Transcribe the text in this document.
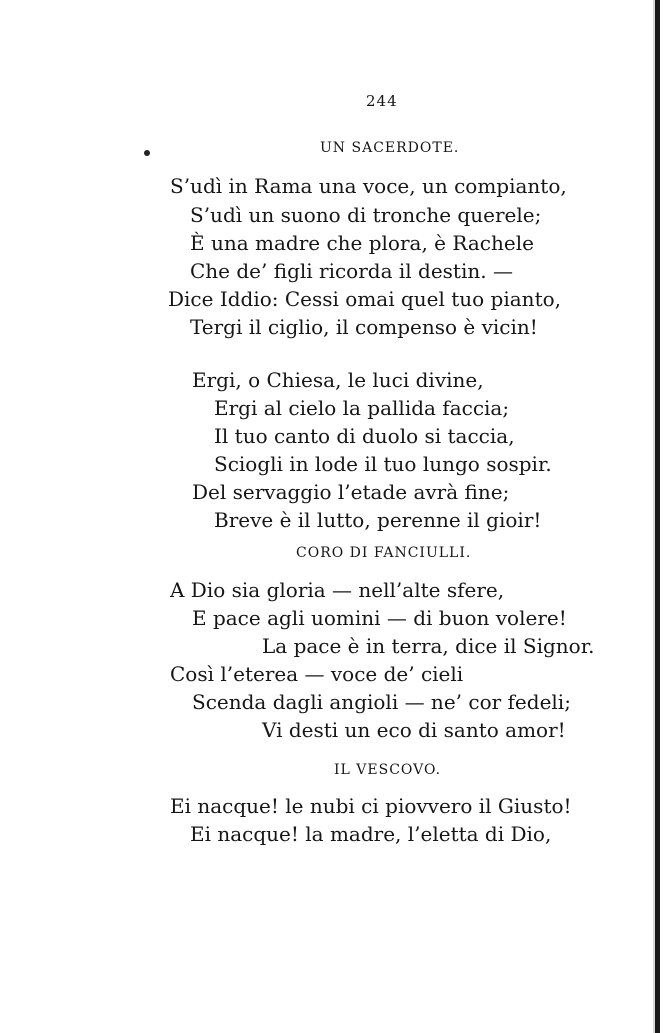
244
UN SACERDOTE.
S’udì in Rama una voce, un compianto,
S’udì un suono di tronche querele;
È una madre che plora, è Rachele
Che de’ figli ricorda il destin. —
Dice Iddio: Cessi omai quel tuo pianto,
Tergi il ciglio, il compenso è vicin!
Ergi, o Chiesa, le luci divine,
Ergi al cielo la pallida faccia;
Il tuo canto di duolo si taccia,
Sciogli in lode il tuo lungo sospir.
Del servaggio l’etade avrà fine;
Breve è il lutto, perenne il gioir!
CORO DI FANCIULLI.
A Dio sia gloria — nell’alte sfere,
E pace agli uomini — di buon volere!
La pace è in terra, dice il Signor.
Così l’eterea — voce de’ cieli
Scenda dagli angioli — ne’ cor fedeli;
Vi desti un eco di santo amor!
IL VESCOVO.
Ei nacque! le nubi ci piovvero il Giusto!
Ei nacque! la madre, l’eletta di Dio,
